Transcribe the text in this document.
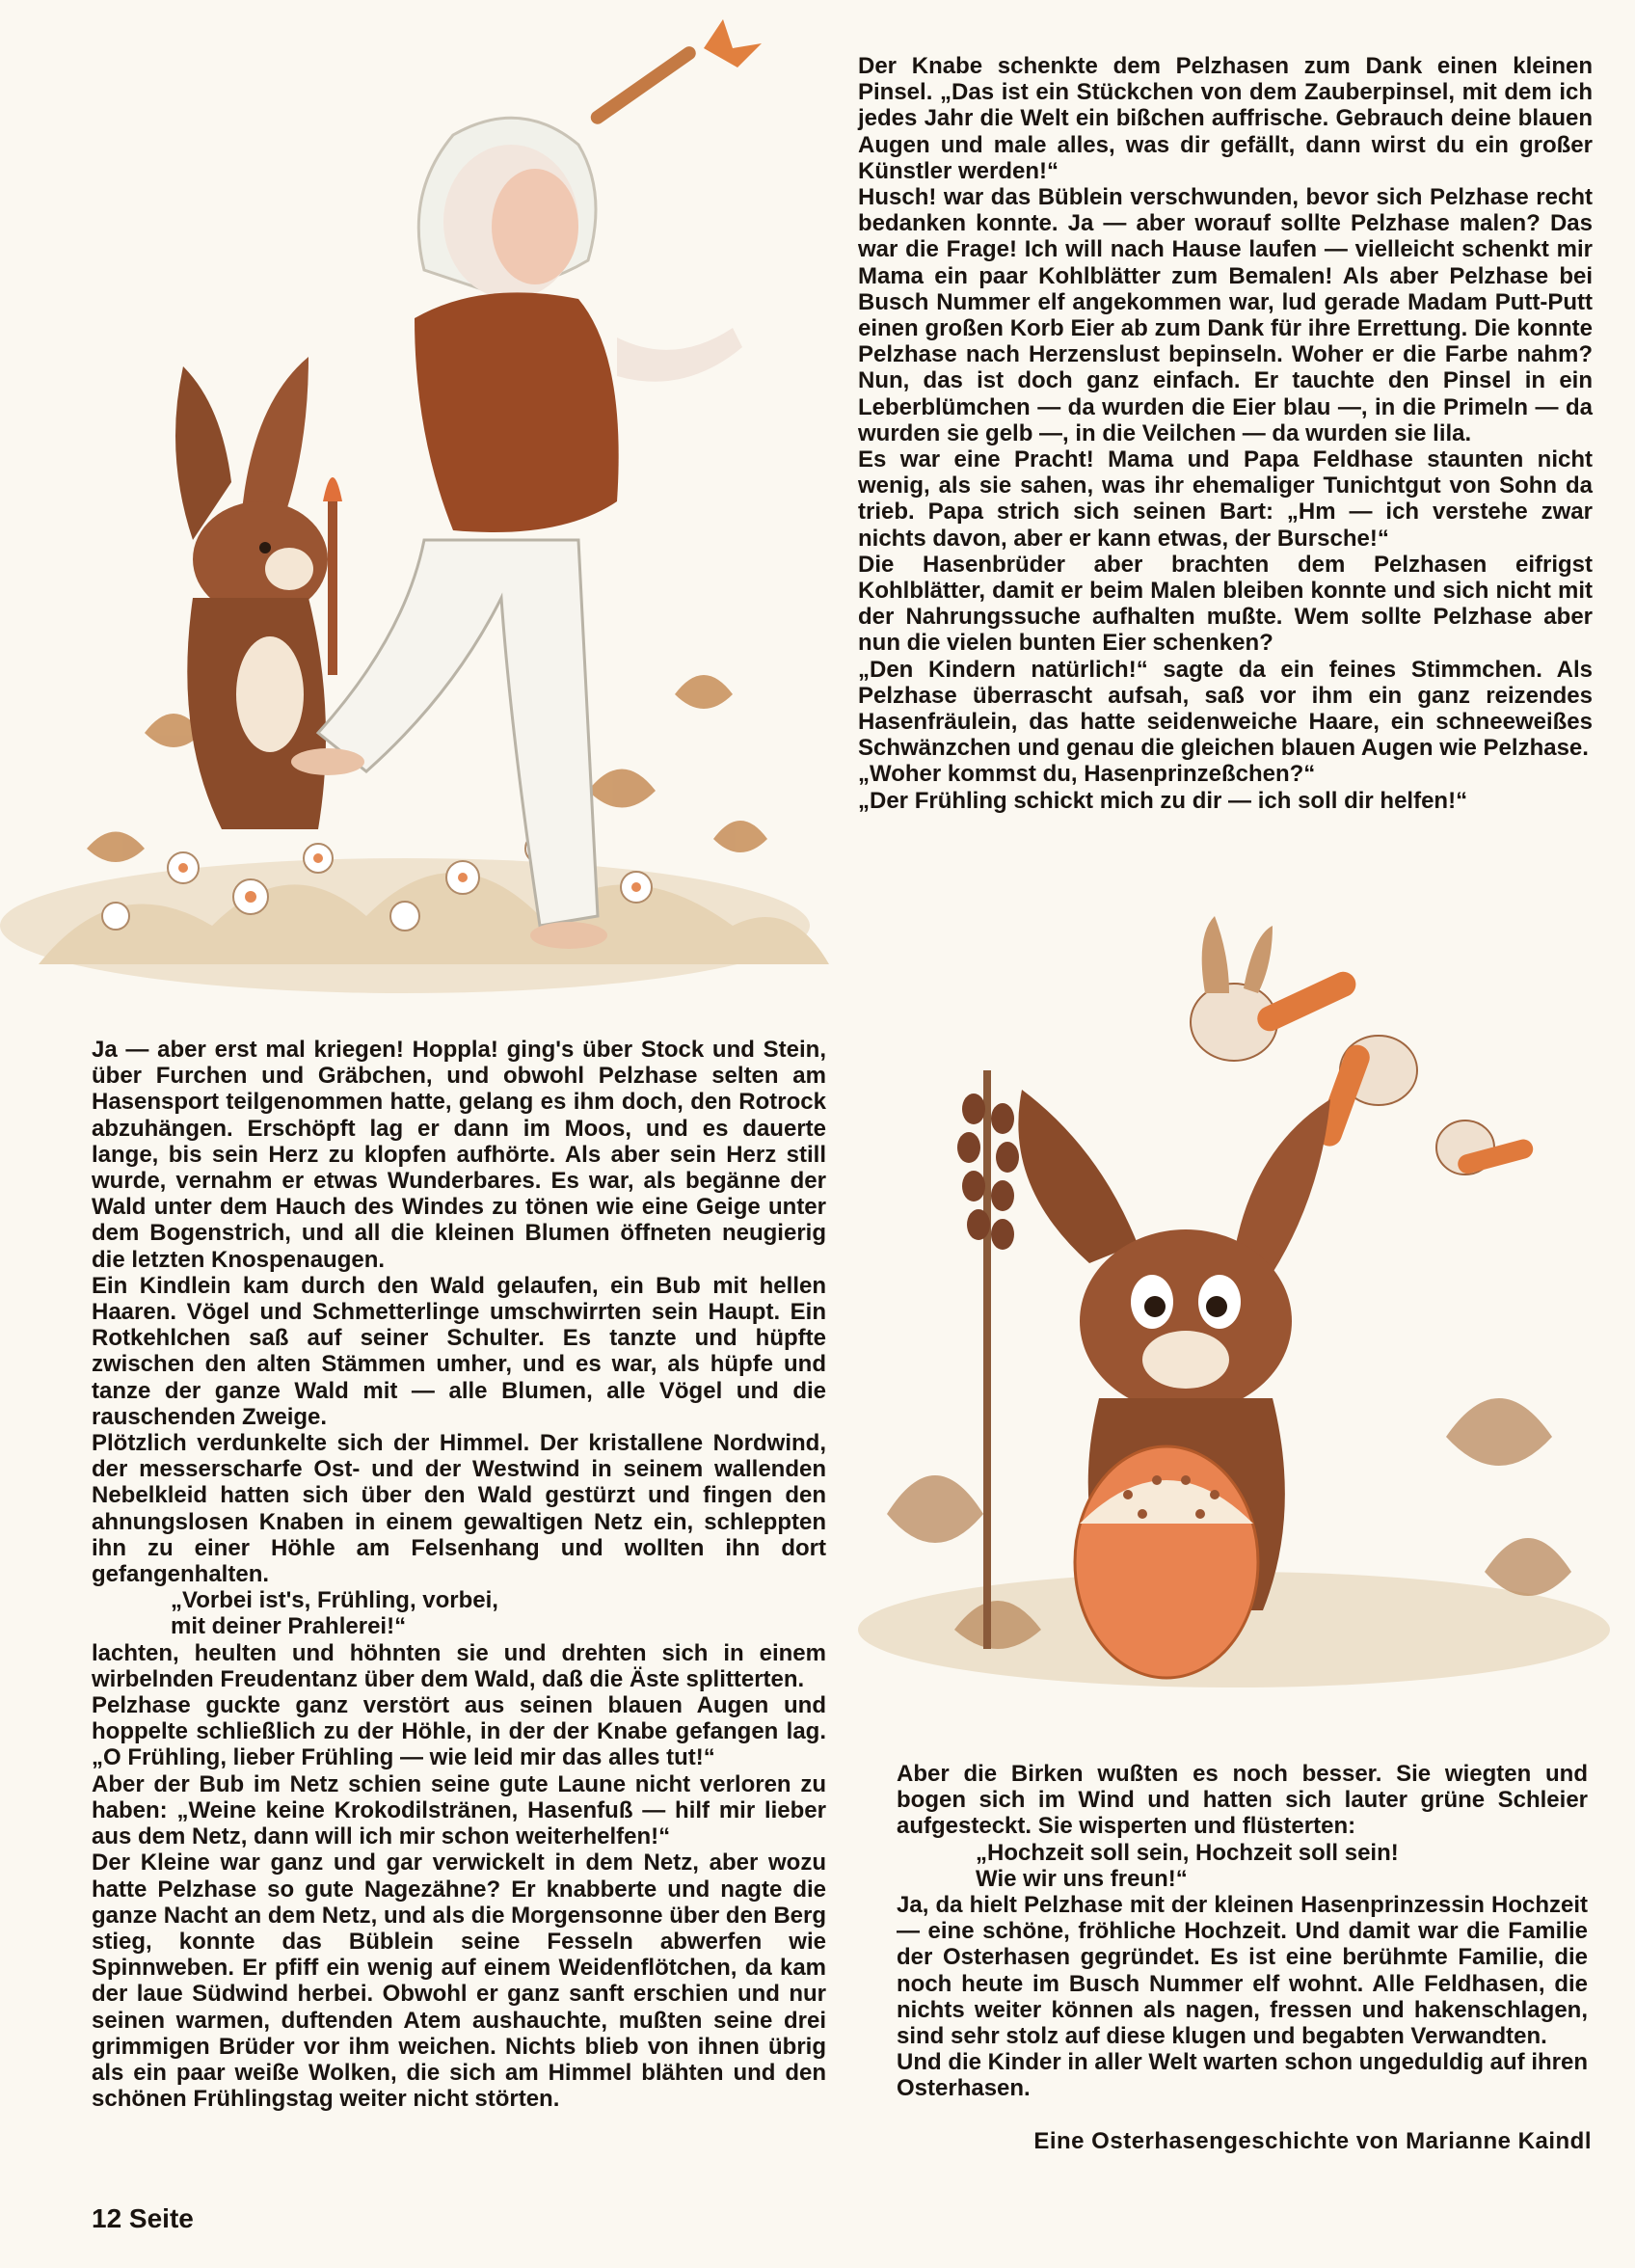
Der Knabe schenkte dem Pelzhasen zum Dank einen kleinen Pinsel. „Das ist ein Stückchen von dem Zauberpinsel, mit dem ich jedes Jahr die Welt ein bißchen auffrische. Gebrauch deine blauen Augen und male alles, was dir gefällt, dann wirst du ein großer Künstler werden!“

Husch! war das Büblein verschwunden, bevor sich Pelzhase recht bedanken konnte. Ja — aber worauf sollte Pelzhase malen? Das war die Frage! Ich will nach Hause laufen — vielleicht schenkt mir Mama ein paar Kohlblätter zum Bemalen! Als aber Pelzhase bei Busch Nummer elf angekommen war, lud gerade Madam Putt-Putt einen großen Korb Eier ab zum Dank für ihre Errettung. Die konnte Pelzhase nach Herzenslust bepinseln. Woher er die Farbe nahm? Nun, das ist doch ganz einfach. Er tauchte den Pinsel in ein Leberblümchen — da wurden die Eier blau —, in die Primeln — da wurden sie gelb —, in die Veilchen — da wurden sie lila.

Es war eine Pracht! Mama und Papa Feldhase staunten nicht wenig, als sie sahen, was ihr ehemaliger Tunichtgut von Sohn da trieb. Papa strich sich seinen Bart: „Hm — ich verstehe zwar nichts davon, aber er kann etwas, der Bursche!“

Die Hasenbrüder aber brachten dem Pelzhasen eifrigst Kohlblätter, damit er beim Malen bleiben konnte und sich nicht mit der Nahrungssuche aufhalten mußte. Wem sollte Pelzhase aber nun die vielen bunten Eier schenken?

„Den Kindern natürlich!“ sagte da ein feines Stimmchen. Als Pelzhase überrascht aufsah, saß vor ihm ein ganz reizendes Hasenfräulein, das hatte seidenweiche Haare, ein schneeweißes Schwänzchen und genau die gleichen blauen Augen wie Pelzhase.

„Woher kommst du, Hasenprinzeßchen?“

„Der Frühling schickt mich zu dir — ich soll dir helfen!“

Ja — aber erst mal kriegen! Hoppla! ging's über Stock und Stein, über Furchen und Gräbchen, und obwohl Pelzhase selten am Hasensport teilgenommen hatte, gelang es ihm doch, den Rotrock abzuhängen. Erschöpft lag er dann im Moos, und es dauerte lange, bis sein Herz zu klopfen aufhörte. Als aber sein Herz still wurde, vernahm er etwas Wunderbares. Es war, als begänne der Wald unter dem Hauch des Windes zu tönen wie eine Geige unter dem Bogenstrich, und all die kleinen Blumen öffneten neugierig die letzten Knospenaugen.

Ein Kindlein kam durch den Wald gelaufen, ein Bub mit hellen Haaren. Vögel und Schmetterlinge umschwirrten sein Haupt. Ein Rotkehlchen saß auf seiner Schulter. Es tanzte und hüpfte zwischen den alten Stämmen umher, und es war, als hüpfe und tanze der ganze Wald mit — alle Blumen, alle Vögel und die rauschenden Zweige.

Plötzlich verdunkelte sich der Himmel. Der kristallene Nordwind, der messerscharfe Ost- und der Westwind in seinem wallenden Nebelkleid hatten sich über den Wald gestürzt und fingen den ahnungslosen Knaben in einem gewaltigen Netz ein, schleppten ihn zu einer Höhle am Felsenhang und wollten ihn dort gefangenhalten.

„Vorbei ist's, Frühling, vorbei,

mit deiner Prahlerei!“

lachten, heulten und höhnten sie und drehten sich in einem wirbelnden Freudentanz über dem Wald, daß die Äste splitterten.

Pelzhase guckte ganz verstört aus seinen blauen Augen und hoppelte schließlich zu der Höhle, in der der Knabe gefangen lag. „O Frühling, lieber Frühling — wie leid mir das alles tut!“

Aber der Bub im Netz schien seine gute Laune nicht verloren zu haben: „Weine keine Krokodilstränen, Hasenfuß — hilf mir lieber aus dem Netz, dann will ich mir schon weiterhelfen!“

Der Kleine war ganz und gar verwickelt in dem Netz, aber wozu hatte Pelzhase so gute Nagezähne? Er knabberte und nagte die ganze Nacht an dem Netz, und als die Morgensonne über den Berg stieg, konnte das Büblein seine Fesseln abwerfen wie Spinnweben. Er pfiff ein wenig auf einem Weidenflötchen, da kam der laue Südwind herbei. Obwohl er ganz sanft erschien und nur seinen warmen, duftenden Atem aushauchte, mußten seine drei grimmigen Brüder vor ihm weichen. Nichts blieb von ihnen übrig als ein paar weiße Wolken, die sich am Himmel blähten und den schönen Frühlingstag weiter nicht störten.

Aber die Birken wußten es noch besser. Sie wiegten und bogen sich im Wind und hatten sich lauter grüne Schleier aufgesteckt. Sie wisperten und flüsterten:

„Hochzeit soll sein, Hochzeit soll sein!

Wie wir uns freun!“

Ja, da hielt Pelzhase mit der kleinen Hasenprinzessin Hochzeit — eine schöne, fröhliche Hochzeit. Und damit war die Familie der Osterhasen gegründet. Es ist eine berühmte Familie, die noch heute im Busch Nummer elf wohnt. Alle Feldhasen, die nichts weiter können als nagen, fressen und hakenschlagen, sind sehr stolz auf diese klugen und begabten Verwandten.

Und die Kinder in aller Welt warten schon ungeduldig auf ihren Osterhasen.

Eine Osterhasengeschichte von Marianne Kaindl
12 Seite
